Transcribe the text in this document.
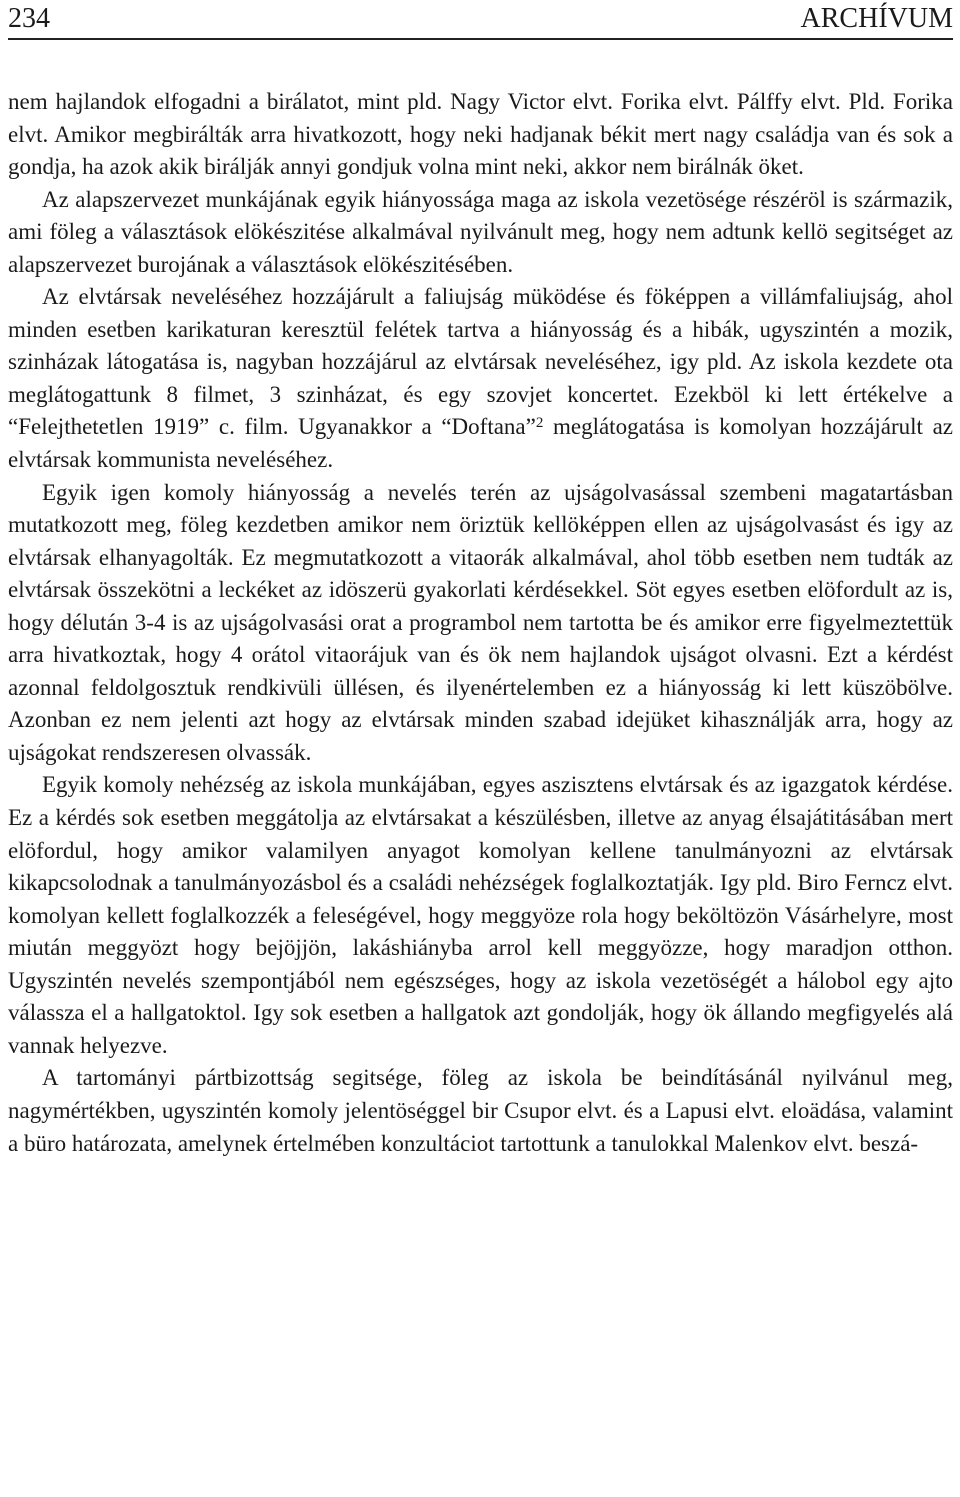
234	ARCHÍVUM

nem hajlandok elfogadni a birálatot, mint pld. Nagy Victor elvt. Forika elvt. Pálffy elvt. Pld. Forika elvt. Amikor megbirálták arra hivatkozott, hogy neki hadjanak békit mert nagy családja van és sok a gondja, ha azok akik birálják annyi gondjuk volna mint neki, akkor nem birálnák öket.

Az alapszervezet munkájának egyik hiányossága maga az iskola vezetösége részéröl is származik, ami föleg a választások elökészitése alkalmával nyilvánult meg, hogy nem adtunk kellö segitséget az alapszervezet burojának a választások elökészitésében.

Az elvtársak neveléséhez hozzájárult a faliujság müködése és föképpen a villámfaliujság, ahol minden esetben karikaturan keresztül felétek tartva a hiányosság és a hibák, ugyszintén a mozik, szinházak látogatása is, nagyban hozzájárul az elvtársak neveléséhez, igy pld. Az iskola kezdete ota meglátogattunk 8 filmet, 3 szinházat, és egy szovjet koncertet. Ezekböl ki lett értékelve a “Felejthetetlen 1919” c. film. Ugyanakkor a “Doftana”$^2$ meglátogatása is komolyan hozzájárult az elvtársak kommunista neveléséhez.

Egyik igen komoly hiányosság a nevelés terén az ujságolvasással szembeni magatartásban mutatkozott meg, föleg kezdetben amikor nem öriztük kellöképpen ellen az ujságolvasást és igy az elvtársak elhanyagolták. Ez megmutatkozott a vitaorák alkalmával, ahol több esetben nem tudták az elvtársak összekötni a leckéket az idöszerü gyakorlati kérdésekkel. Söt egyes esetben elöfordult az is, hogy délután 3-4 is az ujságolvasási orat a programbol nem tartotta be és amikor erre figyelmeztettük arra hivatkoztak, hogy 4 orátol vitaorájuk van és ök nem hajlandok ujságot olvasni. Ezt a kérdést azonnal feldolgosztuk rendkivüli üllésen, és ilyenértelemben ez a hiányosság ki lett küszöbölve. Azonban ez nem jelenti azt hogy az elvtársak minden szabad idejüket kihasználják arra, hogy az ujságokat rendszeresen olvassák.

Egyik komoly nehézség az iskola munkájában, egyes aszisztens elvtársak és az igazgatok kérdése. Ez a kérdés sok esetben meggátolja az elvtársakat a készülésben, illetve az anyag élsajátitásában mert elöfordul, hogy amikor valamilyen anyagot komolyan kellene tanulmányozni az elvtársak kikapcsolodnak a tanulmányozásbol és a családi nehézségek foglalkoztatják. Igy pld. Biro Ferncz elvt. komolyan kellett foglalkozzék a feleségével, hogy meggyöze rola hogy beköltözön Vásárhelyre, most miután meggyözt hogy bejöjjön, lakáshiányba arrol kell meggyözze, hogy maradjon otthon. Ugyszintén nevelés szempontjából nem egészséges, hogy az iskola vezetöségét a hálobol egy ajto válassza el a hallgatoktol. Igy sok esetben a hallgatok azt gondolják, hogy ök állando megfigyelés alá vannak helyezve.

A tartományi pártbizottság segitsége, föleg az iskola be beindításánál nyilvánul meg, nagymértékben, ugyszintén komoly jelentöséggel bir Csupor elvt. és a Lapusi elvt. eloädása, valamint a büro határozata, amelynek értelmében konzultáciot tartottunk a tanulokkal Malenkov elvt. beszá-
